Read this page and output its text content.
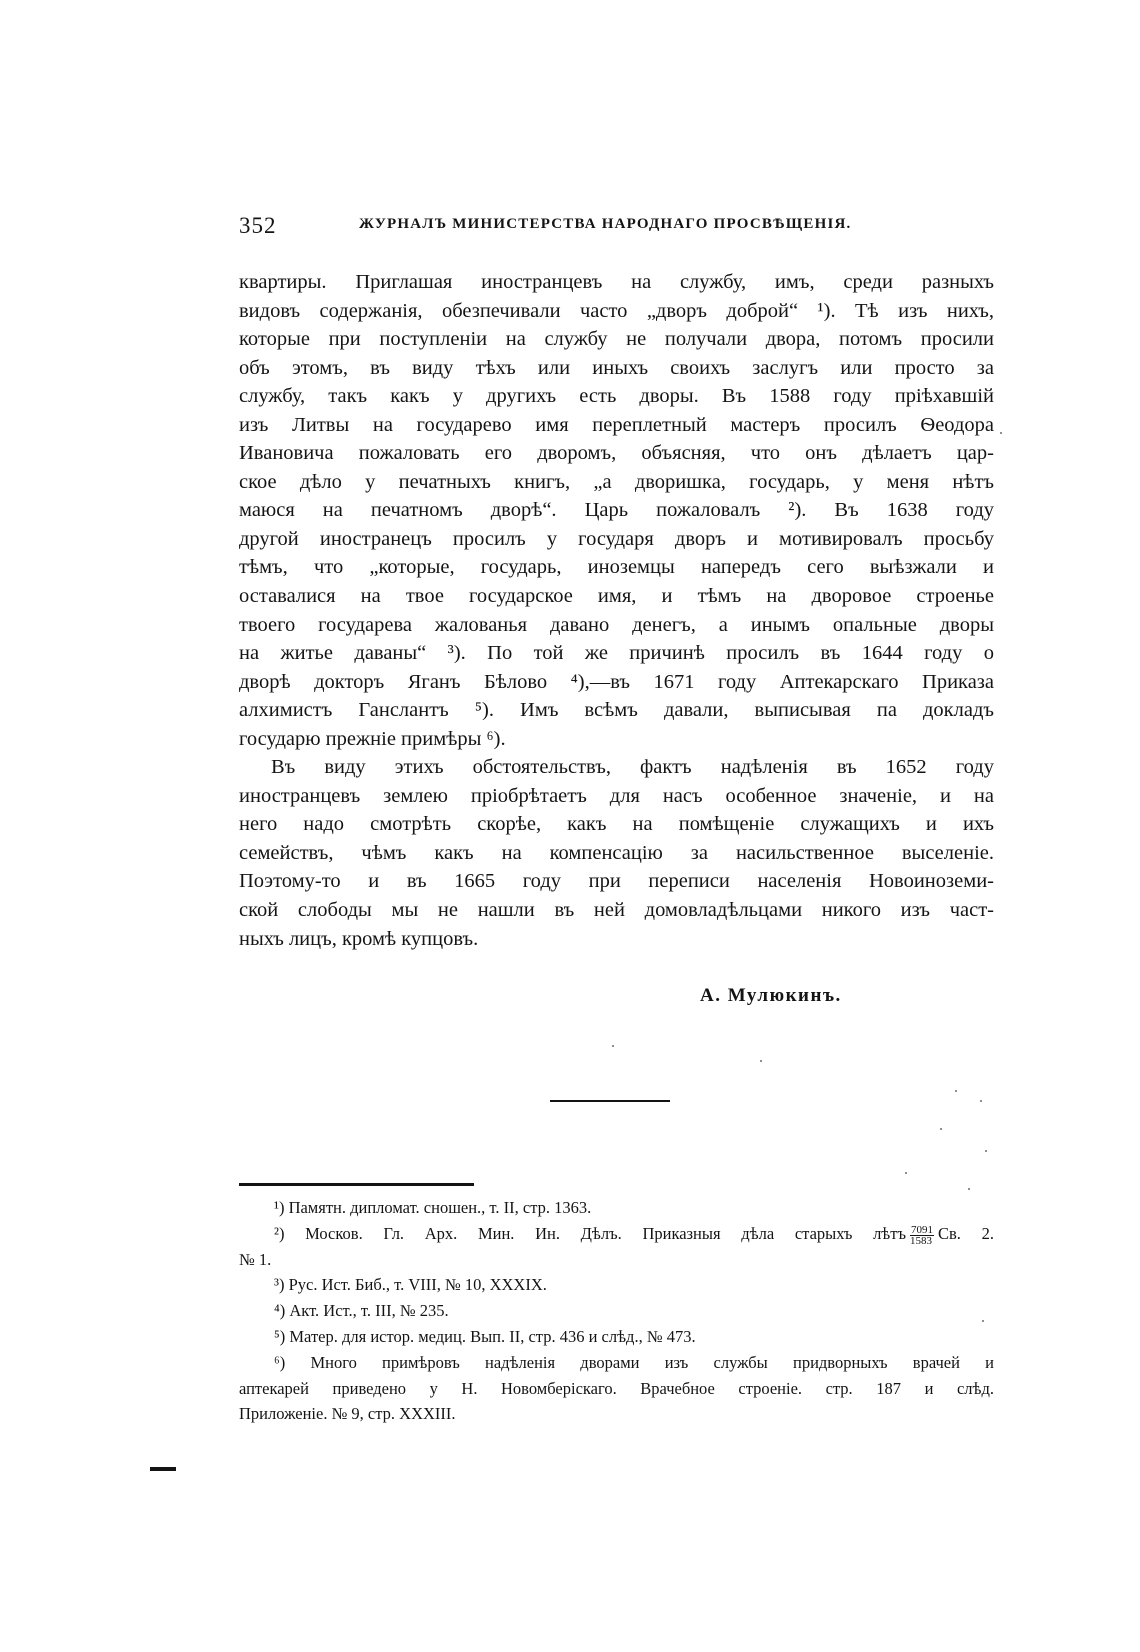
352	ЖУРНАЛЪ МИНИСТЕРСТВА НАРОДНАГО ПРОСВѢЩЕНІЯ.
квартиры. Приглашая иностранцевъ на службу, имъ, среди разныхъ
видовъ содержанія, обезпечивали часто „дворъ доброй“ ¹). Тѣ изъ нихъ,
которые при поступленіи на службу не получали двора, потомъ просили
объ этомъ, въ виду тѣхъ или иныхъ своихъ заслугъ или просто за
службу, такъ какъ у другихъ есть дворы. Въ 1588 году пріѣхавшій
изъ Литвы на государево имя переплетный мастеръ просилъ Ѳеодора
Ивановича пожаловать его дворомъ, объясняя, что онъ дѣлаетъ цар-
ское дѣло у печатныхъ книгъ, „а дворишка, государь, у меня нѣтъ
маюся на печатномъ дворѣ“. Царь пожаловалъ ²). Въ 1638 году
другой иностранецъ просилъ у государя дворъ и мотивировалъ просьбу
тѣмъ, что „которые, государь, иноземцы напередъ сего выѣзжали и
оставалися на твое государское имя, и тѣмъ на дворовое строенье
твоего государева жалованья давано денегъ, а инымъ опальные дворы
на житье даваны“ ³). По той же причинѣ просилъ въ 1644 году о
дворѣ докторъ Яганъ Бѣлово ⁴),—въ 1671 году Аптекарскаго Приказа
алхимистъ Ганслантъ ⁵). Имъ всѣмъ давали, выписывая па докладъ
государю прежніе примѣры ⁶).
Въ виду этихъ обстоятельствъ, фактъ надѣленія въ 1652 году
иностранцевъ землею пріобрѣтаетъ для насъ особенное значеніе, и на
него надо смотрѣть скорѣе, какъ на помѣщеніе служащихъ и ихъ
семействъ, чѣмъ какъ на компенсацію за насильственное выселеніе.
Поэтому-то и въ 1665 году при переписи населенія Новоиноземи-
ской слободы мы не нашли въ ней домовладѣльцами никого изъ част-
ныхъ лицъ, кромѣ купцовъ.
А. Мулюкинъ.
¹) Памятн. дипломат. сношен., т. II, стр. 1363.
²) Москов. Гл. Арх. Мин. Ин. Дѣлъ. Приказныя дѣла старыхъ лѣтъ $\frac{7091}{1583}$ Св. 2.
№ 1.
³) Рус. Ист. Биб., т. VIII, № 10, XXXIX.
⁴) Акт. Ист., т. III, № 235.
⁵) Матер. для истор. медиц. Вып. II, стр. 436 и слѣд., № 473.
⁶) Много примѣровъ надѣленія дворами изъ службы придворныхъ врачей и
аптекарей приведено у Н. Новомберіскаго. Врачебное строеніе. стр. 187 и слѣд.
Приложеніе. № 9, стр. XXXIII.
